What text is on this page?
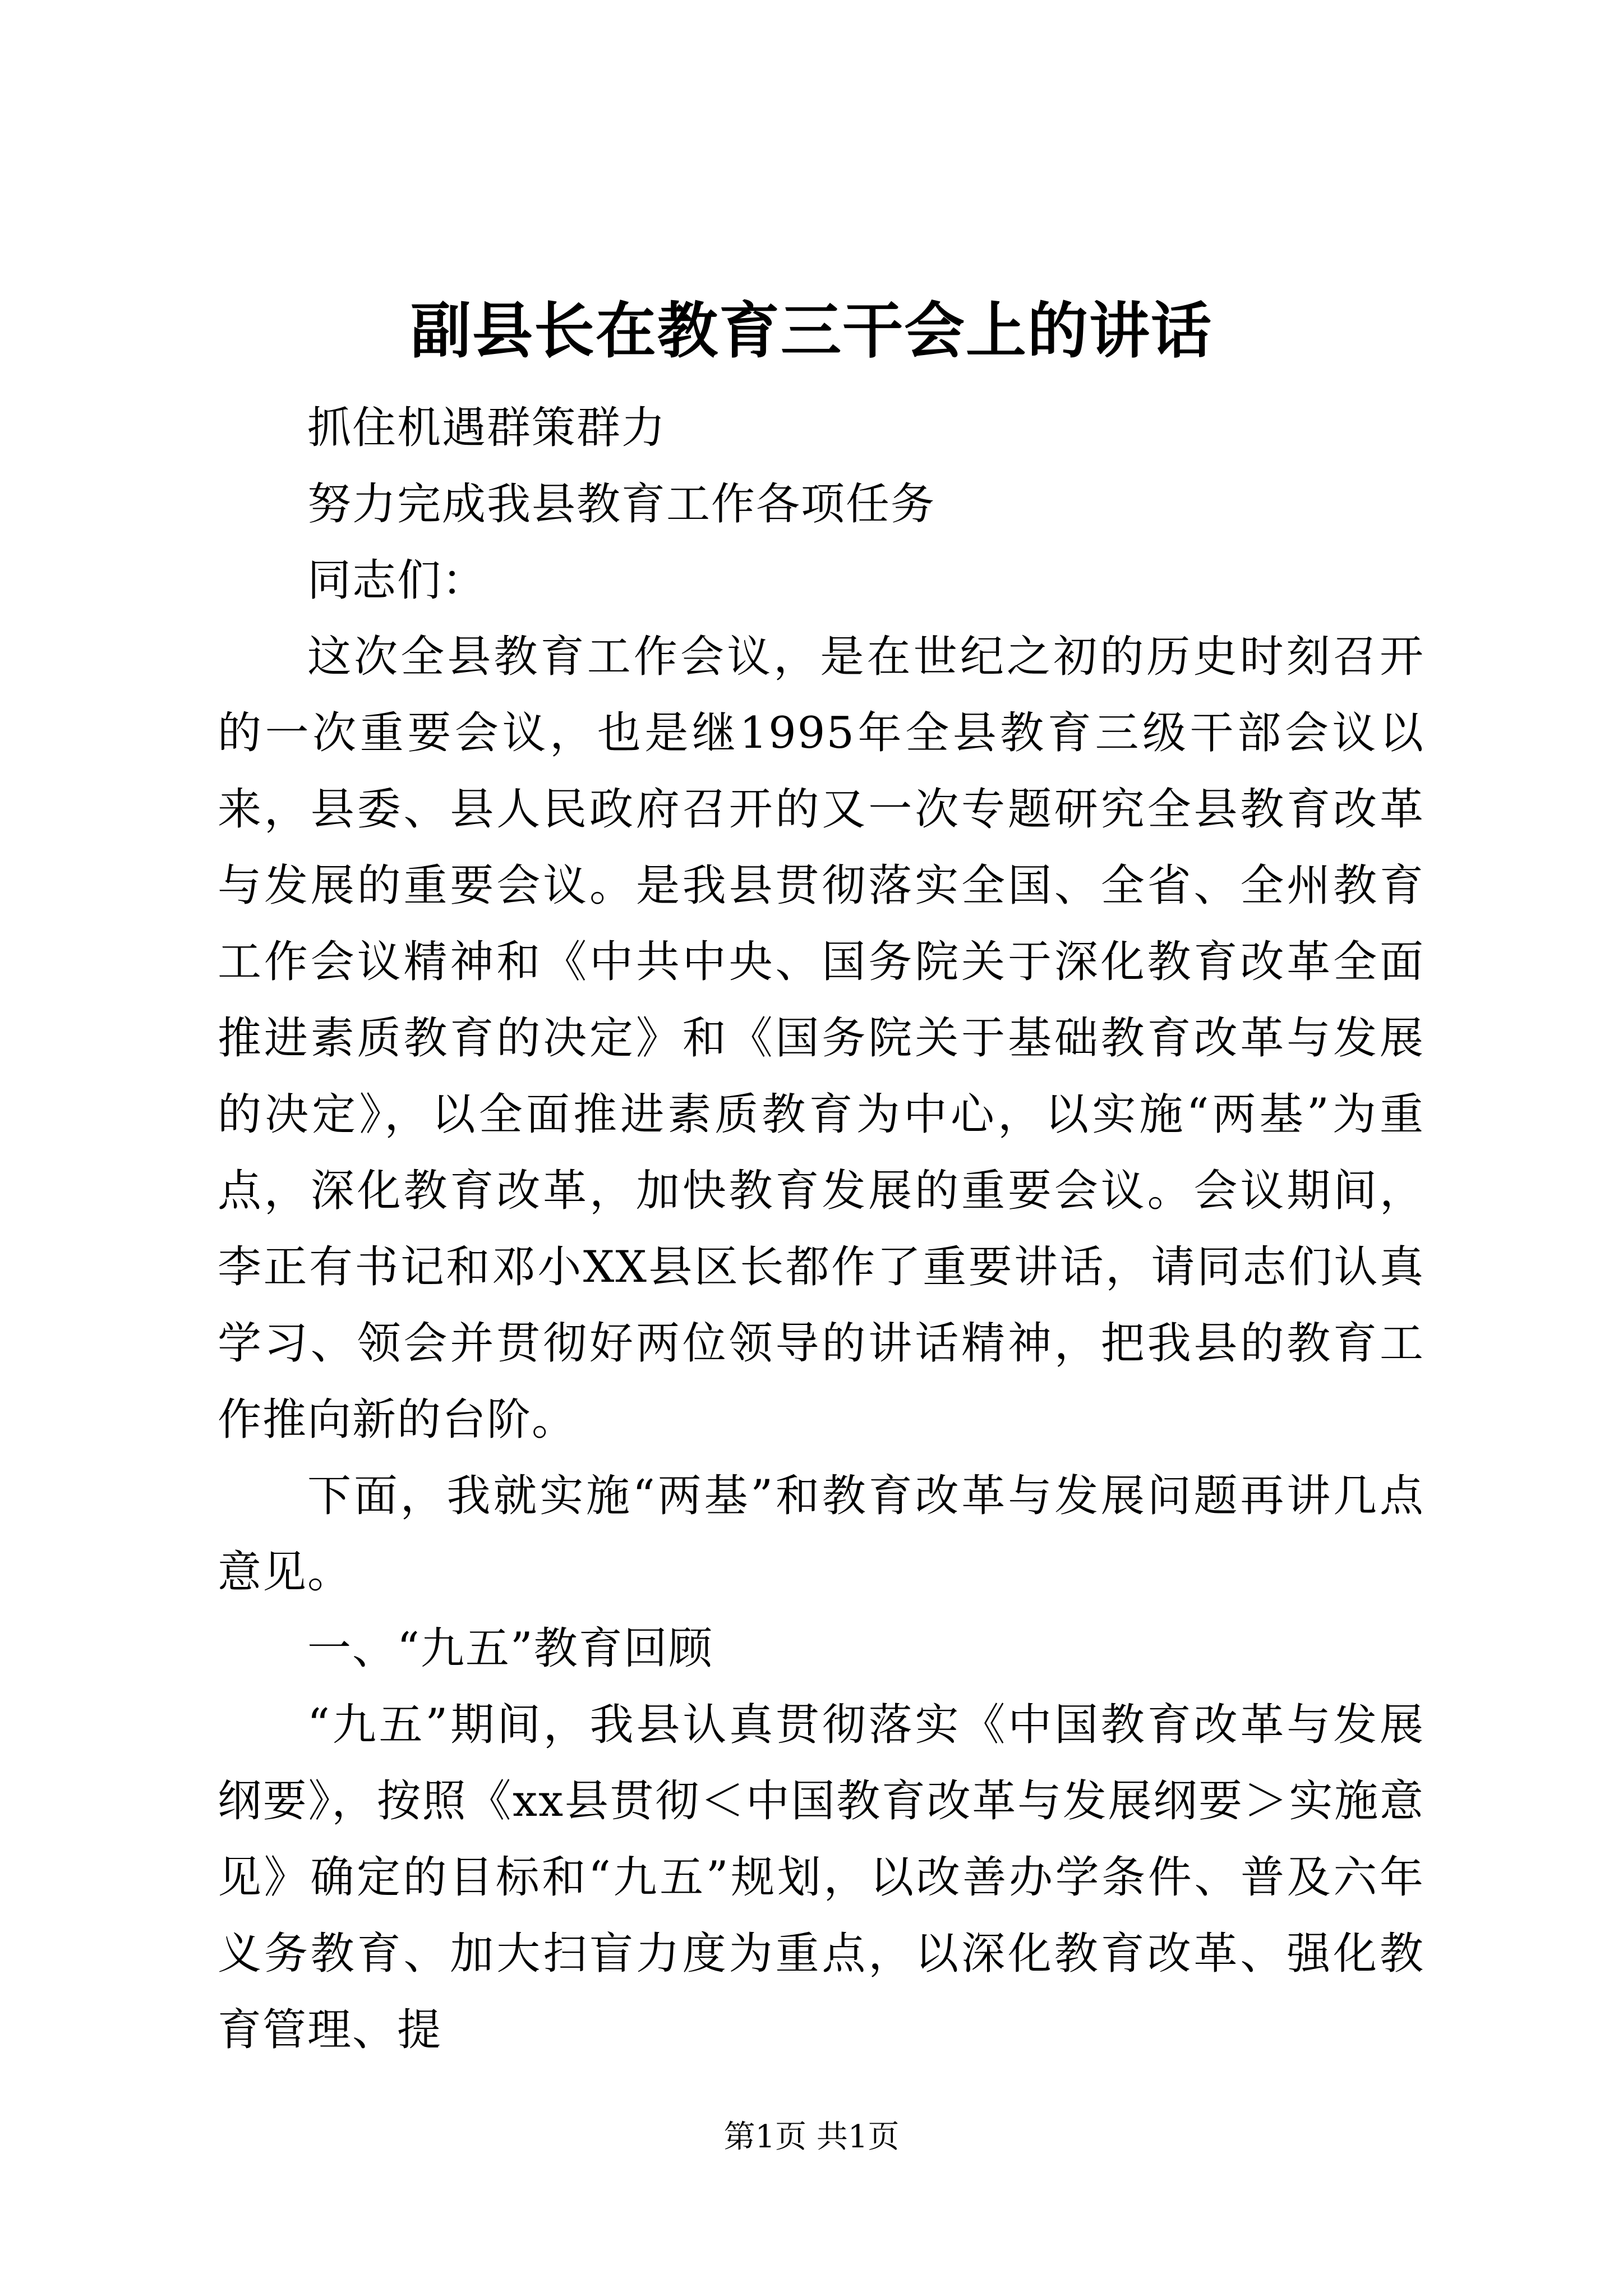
副县长在教育三干会上的讲话

抓住机遇群策群力

努力完成我县教育工作各项任务

同志们：

这次全县教育工作会议，是在世纪之初的历史时刻召开的一次重要会议，也是继1995年全县教育三级干部会议以来，县委、县人民政府召开的又一次专题研究全县教育改革与发展的重要会议。是我县贯彻落实全国、全省、全州教育工作会议精神和《中共中央、国务院关于深化教育改革全面推进素质教育的决定》和《国务院关于基础教育改革与发展的决定》，以全面推进素质教育为中心，以实施“两基”为重点，深化教育改革，加快教育发展的重要会议。会议期间，李正有书记和邓小XX县区长都作了重要讲话，请同志们认真学习、领会并贯彻好两位领导的讲话精神，把我县的教育工作推向新的台阶。

下面，我就实施“两基”和教育改革与发展问题再讲几点意见。

一、“九五”教育回顾

“九五”期间，我县认真贯彻落实《中国教育改革与发展纲要》，按照《xx县贯彻＜中国教育改革与发展纲要＞实施意见》确定的目标和“九五”规划，以改善办学条件、普及六年义务教育、加大扫盲力度为重点，以深化教育改革、强化教育管理、提

第1页 共1页
